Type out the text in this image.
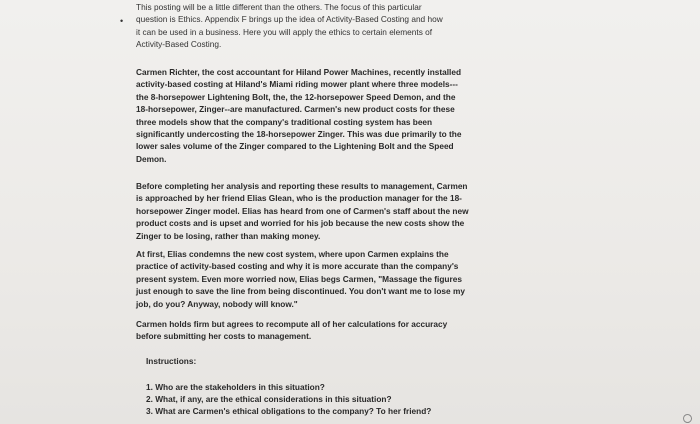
•

This posting will be a little different than the others. The focus of this particular

question is Ethics. Appendix F brings up the idea of Activity-Based Costing and how

it can be used in a business. Here you will apply the ethics to certain elements of

Activity-Based Costing.

Carmen Richter, the cost accountant for Hiland Power Machines, recently installed

activity-based costing at Hiland's Miami riding mower plant where three models---

the 8-horsepower Lightening Bolt, the, the 12-horsepower Speed Demon, and the

18-horsepower, Zinger--are manufactured. Carmen's new product costs for these

three models show that the company's traditional costing system has been

significantly undercosting the 18-horsepower Zinger. This was due primarily to the

lower sales volume of the Zinger compared to the Lightening Bolt and the Speed

Demon.

Before completing her analysis and reporting these results to management, Carmen

is approached by her friend Elias Glean, who is the production manager for the 18-

horsepower Zinger model. Elias has heard from one of Carmen's staff about the new

product costs and is upset and worried for his job because the new costs show the

Zinger to be losing, rather than making money.

At first, Elias condemns the new cost system, where upon Carmen explains the

practice of activity-based costing and why it is more accurate than the company's

present system. Even more worried now, Elias begs Carmen, "Massage the figures

just enough to save the line from being discontinued. You don't want me to lose my

job, do you? Anyway, nobody will know."

Carmen holds firm but agrees to recompute all of her calculations for accuracy

before submitting her costs to management.

Instructions:
1. Who are the stakeholders in this situation?
2. What, if any, are the ethical considerations in this situation?
3. What are Carmen's ethical obligations to the company? To her friend?
